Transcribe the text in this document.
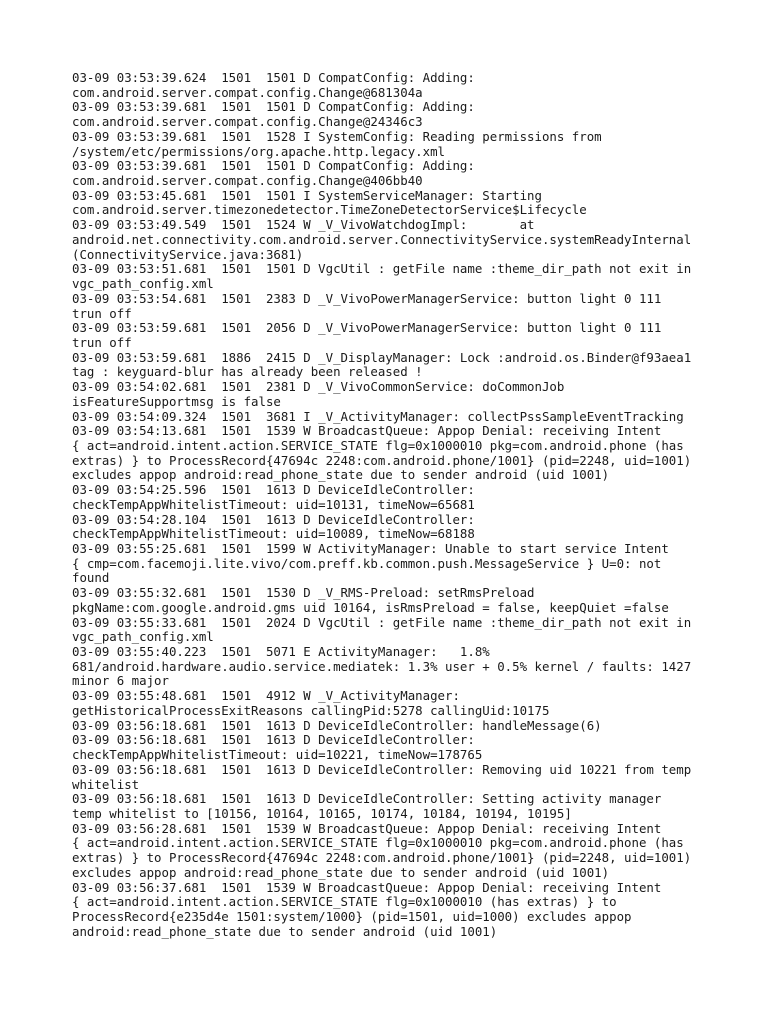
03-09 03:53:39.624  1501  1501 D CompatConfig: Adding:
com.android.server.compat.config.Change@681304a
03-09 03:53:39.681  1501  1501 D CompatConfig: Adding:
com.android.server.compat.config.Change@24346c3
03-09 03:53:39.681  1501  1528 I SystemConfig: Reading permissions from
/system/etc/permissions/org.apache.http.legacy.xml
03-09 03:53:39.681  1501  1501 D CompatConfig: Adding:
com.android.server.compat.config.Change@406bb40
03-09 03:53:45.681  1501  1501 I SystemServiceManager: Starting
com.android.server.timezonedetector.TimeZoneDetectorService$Lifecycle
03-09 03:53:49.549  1501  1524 W _V_VivoWatchdogImpl:       at
android.net.connectivity.com.android.server.ConnectivityService.systemReadyInternal
(ConnectivityService.java:3681)
03-09 03:53:51.681  1501  1501 D VgcUtil : getFile name :theme_dir_path not exit in
vgc_path_config.xml
03-09 03:53:54.681  1501  2383 D _V_VivoPowerManagerService: button light 0 111
trun off
03-09 03:53:59.681  1501  2056 D _V_VivoPowerManagerService: button light 0 111
trun off
03-09 03:53:59.681  1886  2415 D _V_DisplayManager: Lock :android.os.Binder@f93aea1
tag : keyguard-blur has already been released !
03-09 03:54:02.681  1501  2381 D _V_VivoCommonService: doCommonJob
isFeatureSupportmsg is false
03-09 03:54:09.324  1501  3681 I _V_ActivityManager: collectPssSampleEventTracking
03-09 03:54:13.681  1501  1539 W BroadcastQueue: Appop Denial: receiving Intent
{ act=android.intent.action.SERVICE_STATE flg=0x1000010 pkg=com.android.phone (has
extras) } to ProcessRecord{47694c 2248:com.android.phone/1001} (pid=2248, uid=1001)
excludes appop android:read_phone_state due to sender android (uid 1001)
03-09 03:54:25.596  1501  1613 D DeviceIdleController:
checkTempAppWhitelistTimeout: uid=10131, timeNow=65681
03-09 03:54:28.104  1501  1613 D DeviceIdleController:
checkTempAppWhitelistTimeout: uid=10089, timeNow=68188
03-09 03:55:25.681  1501  1599 W ActivityManager: Unable to start service Intent
{ cmp=com.facemoji.lite.vivo/com.preff.kb.common.push.MessageService } U=0: not
found
03-09 03:55:32.681  1501  1530 D _V_RMS-Preload: setRmsPreload
pkgName:com.google.android.gms uid 10164, isRmsPreload = false, keepQuiet =false
03-09 03:55:33.681  1501  2024 D VgcUtil : getFile name :theme_dir_path not exit in
vgc_path_config.xml
03-09 03:55:40.223  1501  5071 E ActivityManager:   1.8%
681/android.hardware.audio.service.mediatek: 1.3% user + 0.5% kernel / faults: 1427
minor 6 major
03-09 03:55:48.681  1501  4912 W _V_ActivityManager:
getHistoricalProcessExitReasons callingPid:5278 callingUid:10175
03-09 03:56:18.681  1501  1613 D DeviceIdleController: handleMessage(6)
03-09 03:56:18.681  1501  1613 D DeviceIdleController:
checkTempAppWhitelistTimeout: uid=10221, timeNow=178765
03-09 03:56:18.681  1501  1613 D DeviceIdleController: Removing uid 10221 from temp
whitelist
03-09 03:56:18.681  1501  1613 D DeviceIdleController: Setting activity manager
temp whitelist to [10156, 10164, 10165, 10174, 10184, 10194, 10195]
03-09 03:56:28.681  1501  1539 W BroadcastQueue: Appop Denial: receiving Intent
{ act=android.intent.action.SERVICE_STATE flg=0x1000010 pkg=com.android.phone (has
extras) } to ProcessRecord{47694c 2248:com.android.phone/1001} (pid=2248, uid=1001)
excludes appop android:read_phone_state due to sender android (uid 1001)
03-09 03:56:37.681  1501  1539 W BroadcastQueue: Appop Denial: receiving Intent
{ act=android.intent.action.SERVICE_STATE flg=0x1000010 (has extras) } to
ProcessRecord{e235d4e 1501:system/1000} (pid=1501, uid=1000) excludes appop
android:read_phone_state due to sender android (uid 1001)
